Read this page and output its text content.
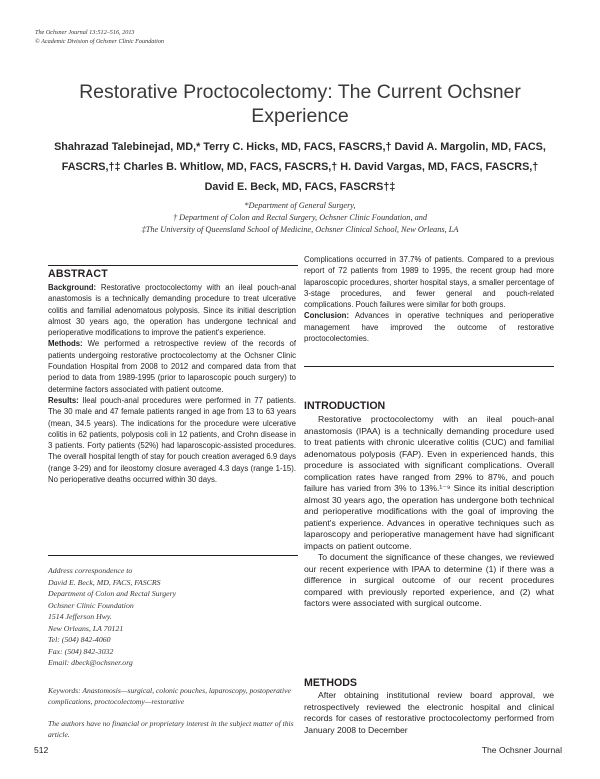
The Ochsner Journal 13:512–516, 2013
© Academic Division of Ochsner Clinic Foundation
Restorative Proctocolectomy: The Current Ochsner Experience
Shahrazad Talebinejad, MD,* Terry C. Hicks, MD, FACS, FASCRS,† David A. Margolin, MD, FACS,
FASCRS,†‡ Charles B. Whitlow, MD, FACS, FASCRS,† H. David Vargas, MD, FACS, FASCRS,†
David E. Beck, MD, FACS, FASCRS†‡
*Department of General Surgery,
† Department of Colon and Rectal Surgery, Ochsner Clinic Foundation, and
‡The University of Queensland School of Medicine, Ochsner Clinical School, New Orleans, LA
ABSTRACT

Background: Restorative proctocolectomy with an ileal pouch-anal anastomosis is a technically demanding procedure to treat ulcerative colitis and familial adenomatous polyposis. Since its initial description almost 30 years ago, the operation has undergone technical and perioperative modifications to improve the patient's experience.

Methods: We performed a retrospective review of the records of patients undergoing restorative proctocolectomy at the Ochsner Clinic Foundation Hospital from 2008 to 2012 and compared data from that period to data from 1989-1995 (prior to laparoscopic pouch surgery) to determine factors associated with patient outcome.

Results: Ileal pouch-anal procedures were performed in 77 patients. The 30 male and 47 female patients ranged in age from 13 to 63 years (mean, 34.5 years). The indications for the procedure were ulcerative colitis in 62 patients, polyposis coli in 12 patients, and Crohn disease in 3 patients. Forty patients (52%) had laparoscopic-assisted procedures. The overall hospital length of stay for pouch creation averaged 6.9 days (range 3-29) and for ileostomy closure averaged 4.3 days (range 1-15). No perioperative deaths occurred within 30 days.

Address correspondence to
David E. Beck, MD, FACS, FASCRS
Department of Colon and Rectal Surgery
Ochsner Clinic Foundation
1514 Jefferson Hwy.
New Orleans, LA 70121
Tel: (504) 842-4060
Fax: (504) 842-3032
Email: dbeck@ochsner.org
Keywords: Anastomosis—surgical, colonic pouches, laparoscopy, postoperative complications, proctocolectomy—restorative
The authors have no financial or proprietary interest in the subject matter of this article.

Complications occurred in 37.7% of patients. Compared to a previous report of 72 patients from 1989 to 1995, the recent group had more laparoscopic procedures, shorter hospital stays, a smaller percentage of 3-stage procedures, and fewer general and pouch-related complications. Pouch failures were similar for both groups.

Conclusion: Advances in operative techniques and perioperative management have improved the outcome of restorative proctocolectomies.

INTRODUCTION

Restorative proctocolectomy with an ileal pouch-anal anastomosis (IPAA) is a technically demanding procedure used to treat patients with chronic ulcerative colitis (CUC) and familial adenomatous polyposis (FAP). Even in experienced hands, this procedure is associated with significant complications. Overall complication rates have ranged from 29% to 87%, and pouch failure has varied from 3% to 13%.¹⁻⁹ Since its initial description almost 30 years ago, the operation has undergone both technical and perioperative modifications with the goal of improving the patient's experience. Advances in operative techniques such as laparoscopy and perioperative management have had significant impacts on patient outcome.

To document the significance of these changes, we reviewed our recent experience with IPAA to determine (1) if there was a difference in surgical outcome of our recent procedures compared with previously reported experience, and (2) what factors were associated with surgical outcome.

METHODS

After obtaining institutional review board approval, we retrospectively reviewed the electronic hospital and clinical records for cases of restorative proctocolectomy performed from January 2008 to December

512	The Ochsner Journal
